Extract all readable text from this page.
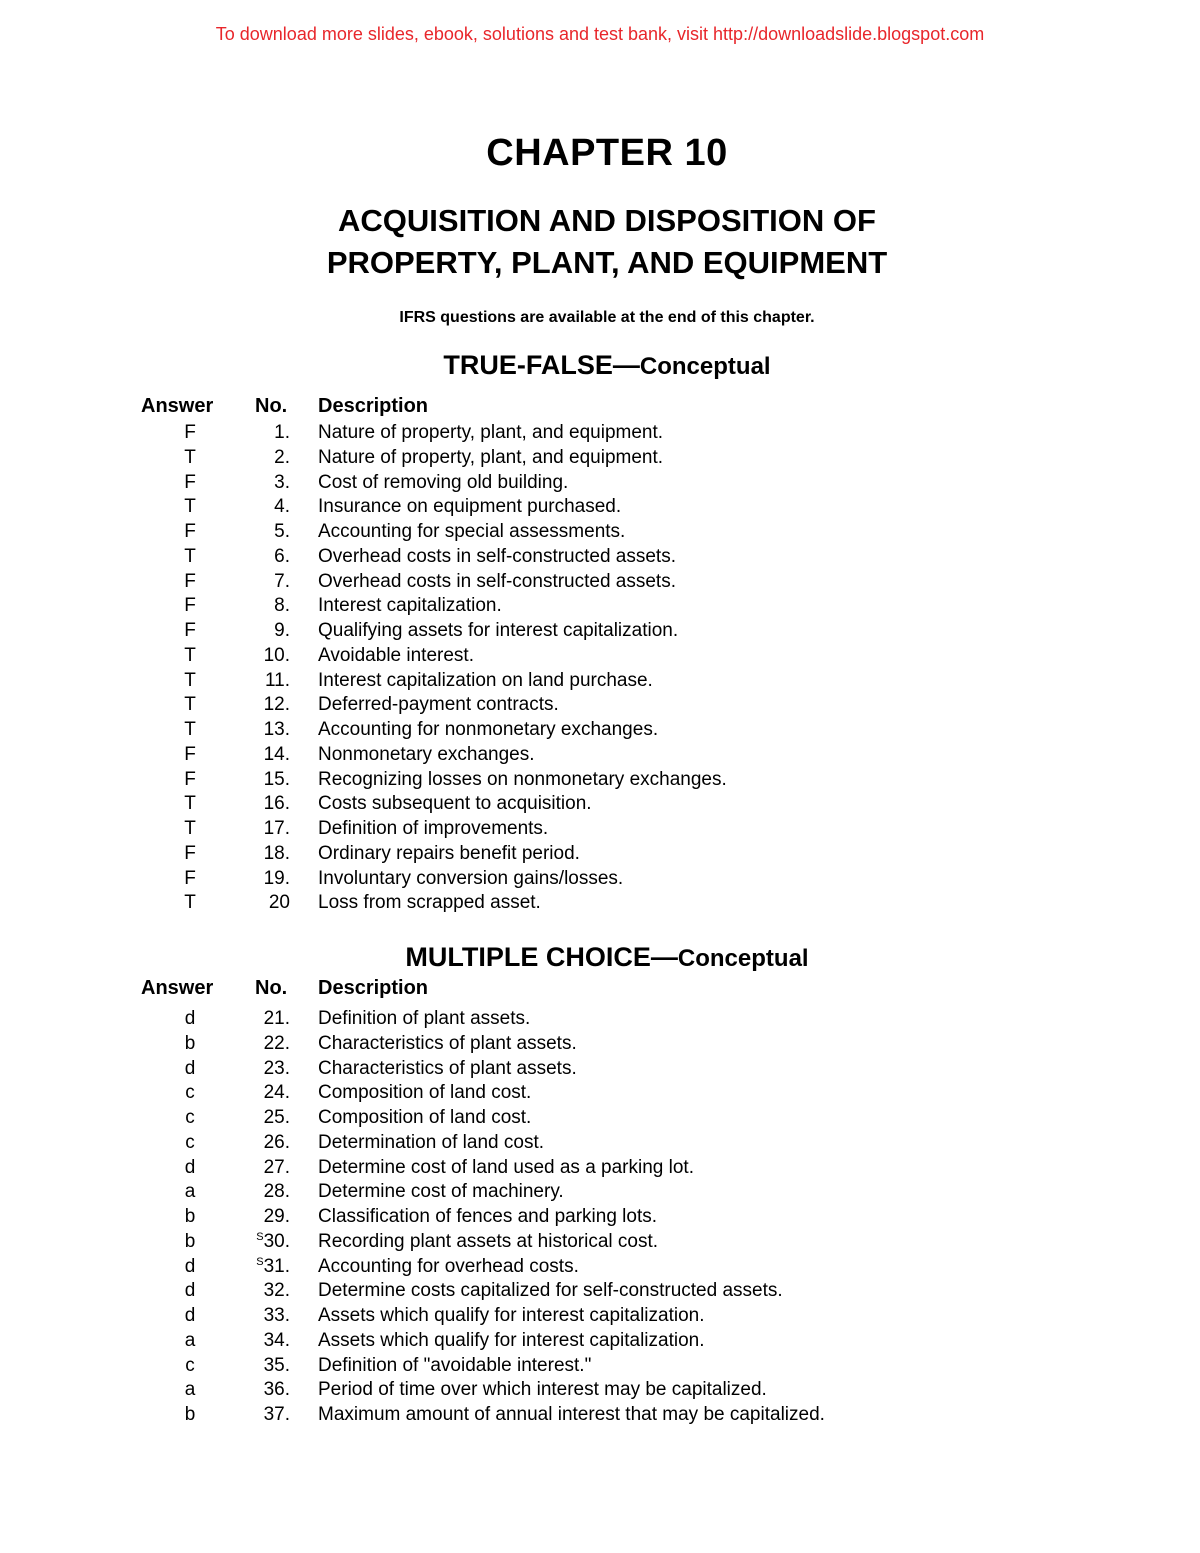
To download more slides, ebook, solutions and test bank, visit http://downloadslide.blogspot.com
CHAPTER 10
ACQUISITION AND DISPOSITION OF
PROPERTY, PLANT, AND EQUIPMENT
IFRS questions are available at the end of this chapter.
TRUE-FALSE—Conceptual
Answer No. Description
F	1. Nature of property, plant, and equipment.
T	2. Nature of property, plant, and equipment.
F	3. Cost of removing old building.
T	4. Insurance on equipment purchased.
F	5. Accounting for special assessments.
T	6. Overhead costs in self-constructed assets.
F	7. Overhead costs in self-constructed assets.
F	8. Interest capitalization.
F	9. Qualifying assets for interest capitalization.
T	10. Avoidable interest.
T	11. Interest capitalization on land purchase.
T	12. Deferred-payment contracts.
T	13. Accounting for nonmonetary exchanges.
F	14. Nonmonetary exchanges.
F	15. Recognizing losses on nonmonetary exchanges.
T	16. Costs subsequent to acquisition.
T	17. Definition of improvements.
F	18. Ordinary repairs benefit period.
F	19. Involuntary conversion gains/losses.
T	20 Loss from scrapped asset.
MULTIPLE CHOICE—Conceptual
Answer No. Description
d	21. Definition of plant assets.
b	22. Characteristics of plant assets.
d	23. Characteristics of plant assets.
c	24. Composition of land cost.
c	25. Composition of land cost.
c	26. Determination of land cost.
d	27. Determine cost of land used as a parking lot.
a	28. Determine cost of machinery.
b	29. Classification of fences and parking lots.
b	$^S$30. Recording plant assets at historical cost.
d	$^S$31. Accounting for overhead costs.
d	32. Determine costs capitalized for self-constructed assets.
d	33. Assets which qualify for interest capitalization.
a	34. Assets which qualify for interest capitalization.
c	35. Definition of "avoidable interest."
a	36. Period of time over which interest may be capitalized.
b	37. Maximum amount of annual interest that may be capitalized.
